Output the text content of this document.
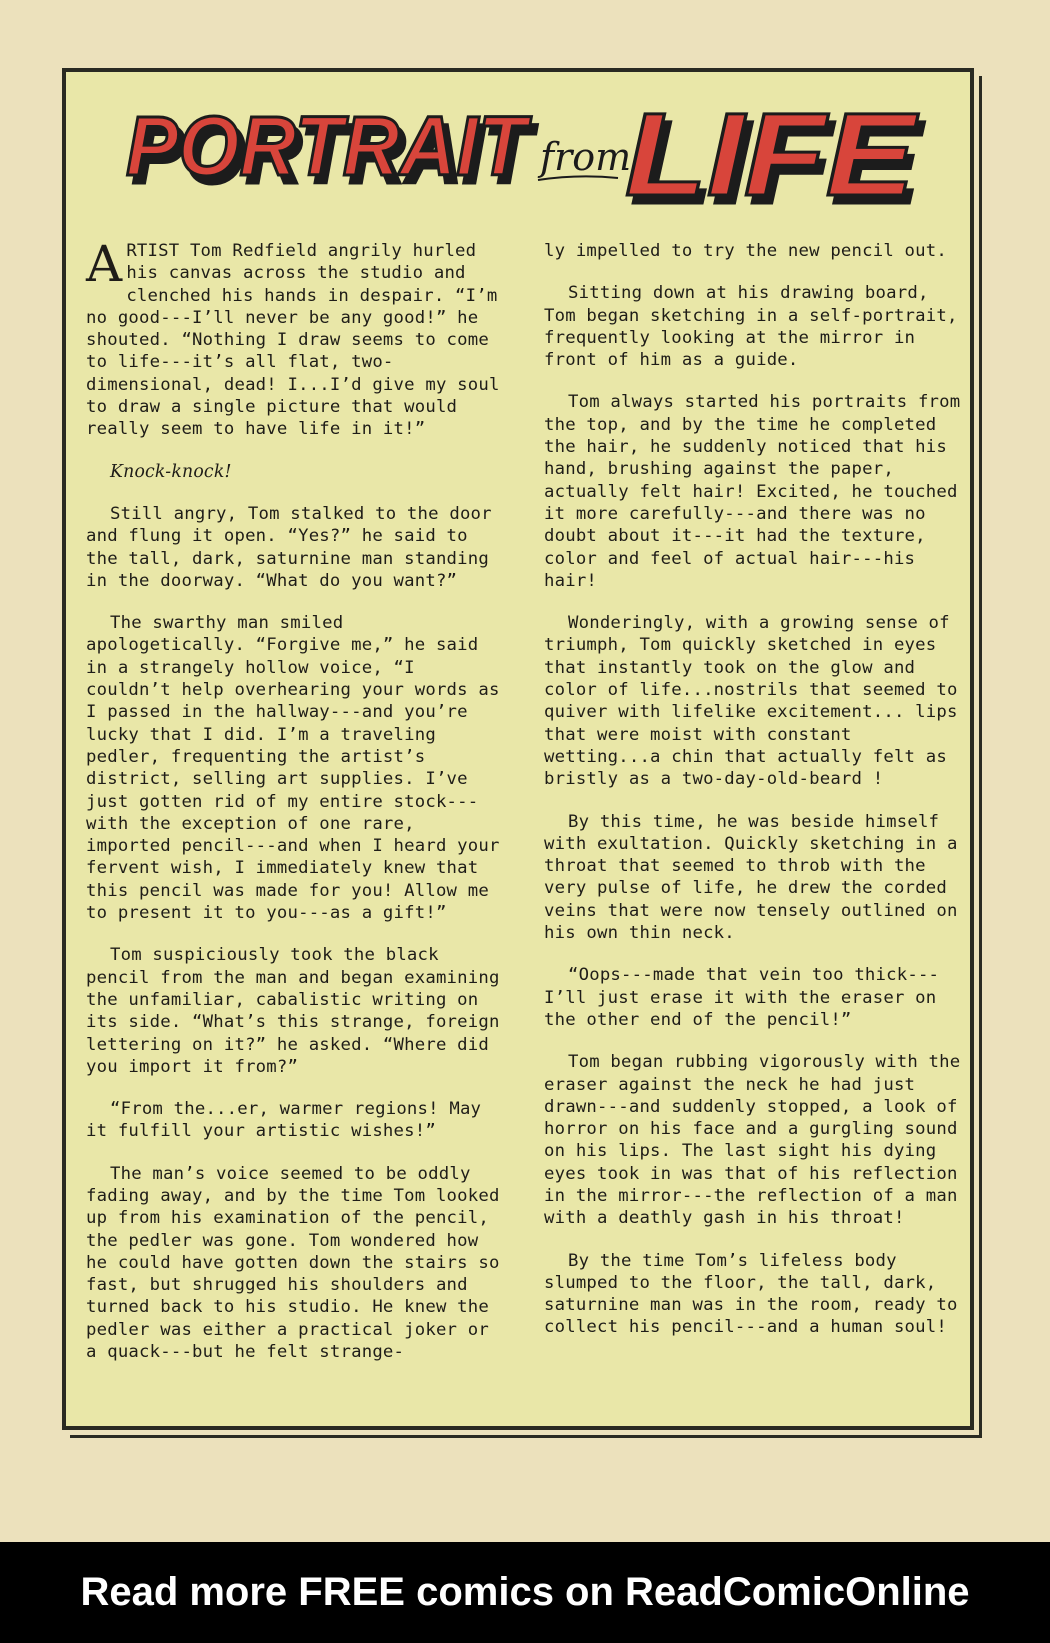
PORTRAIT from
LIFE

ARTIST Tom Redfield angrily hurled his canvas across the studio and clenched his hands in despair. “I’m no good---I’ll never be any good!” he shouted. “Nothing I draw seems to come to life---it’s all flat, two-dimensional, dead! I...I’d give my soul to draw a single picture that would really seem to have life in it!”

Knock-knock!

Still angry, Tom stalked to the door and flung it open. “Yes?” he said to the tall, dark, saturnine man standing in the doorway. “What do you want?”

The swarthy man smiled apologetically. “Forgive me,” he said in a strangely hollow voice, “I couldn’t help overhearing your words as I passed in the hallway---and you’re lucky that I did. I’m a traveling pedler, frequenting the artist’s district, selling art supplies. I’ve just gotten rid of my entire stock---with the exception of one rare, imported pencil---and when I heard your fervent wish, I immediately knew that this pencil was made for you! Allow me to present it to you---as a gift!”

Tom suspiciously took the black pencil from the man and began examining the unfamiliar, cabalistic writing on its side. “What’s this strange, foreign lettering on it?” he asked. “Where did you import it from?”

“From the...er, warmer regions! May it fulfill your artistic wishes!”

The man’s voice seemed to be oddly fading away, and by the time Tom looked up from his examination of the pencil, the pedler was gone. Tom wondered how he could have gotten down the stairs so fast, but shrugged his shoulders and turned back to his studio. He knew the pedler was either a practical joker or a quack---but he felt strange-

ly impelled to try the new pencil out.

Sitting down at his drawing board, Tom began sketching in a self-portrait, frequently looking at the mirror in front of him as a guide.

Tom always started his portraits from the top, and by the time he completed the hair, he suddenly noticed that his hand, brushing against the paper, actually felt hair! Excited, he touched it more carefully---and there was no doubt about it---it had the texture, color and feel of actual hair---his hair!

Wonderingly, with a growing sense of triumph, Tom quickly sketched in eyes that instantly took on the glow and color of life...nostrils that seemed to quiver with lifelike excitement... lips that were moist with constant wetting...a chin that actually felt as bristly as a two-day-old-beard !

By this time, he was beside himself with exultation. Quickly sketching in a throat that seemed to throb with the very pulse of life, he drew the corded veins that were now tensely outlined on his own thin neck.

“Oops---made that vein too thick--- I’ll just erase it with the eraser on the other end of the pencil!”

Tom began rubbing vigorously with the eraser against the neck he had just drawn---and suddenly stopped, a look of horror on his face and a gurgling sound on his lips. The last sight his dying eyes took in was that of his reflection in the mirror---the reflection of a man with a deathly gash in his throat!

By the time Tom’s lifeless body slumped to the floor, the tall, dark, saturnine man was in the room, ready to collect his pencil---and a human soul!

Read more FREE comics on ReadComicOnline
